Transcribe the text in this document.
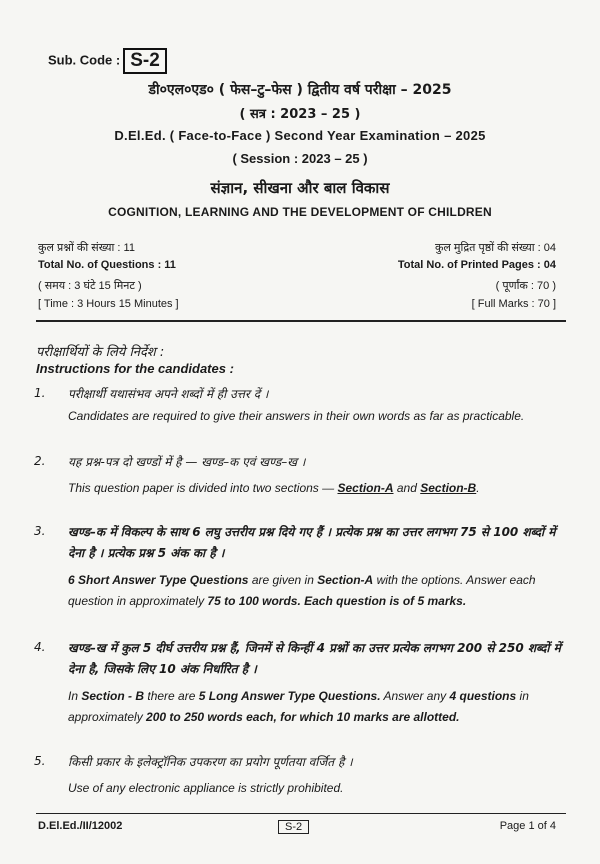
Sub. Code : S-2
डी०एल०एड० ( फेस–टु–फेस ) द्वितीय वर्ष परीक्षा – 2025
( सत्र : 2023 – 25 )
D.El.Ed. ( Face-to-Face ) Second Year Examination – 2025
( Session : 2023 – 25 )
संज्ञान, सीखना और बाल विकास
COGNITION, LEARNING AND THE DEVELOPMENT OF CHILDREN
कुल प्रश्नों की संख्या : 11
Total No. of Questions : 11
( समय : 3 घंटे 15 मिनट )
[ Time : 3 Hours 15 Minutes ]
कुल मुद्रित पृष्ठों की संख्या : 04
Total No. of Printed Pages : 04
( पूर्णांक : 70 )
[ Full Marks : 70 ]
परीक्षार्थियों के लिये निर्देश :
Instructions for the candidates :
1. परीक्षार्थी यथासंभव अपने शब्दों में ही उत्तर दें ।
Candidates are required to give their answers in their own words as far as practicable.
2. यह प्रश्न-पत्र दो खण्डों में है — खण्ड–क एवं खण्ड–ख ।
This question paper is divided into two sections — Section-A and Section-B.
3. खण्ड–क में विकल्प के साथ 6 लघु उत्तरीय प्रश्न दिये गए हैं । प्रत्येक प्रश्न का उत्तर लगभग 75 से 100 शब्दों में देना है । प्रत्येक प्रश्न 5 अंक का है ।
6 Short Answer Type Questions are given in Section-A with the options. Answer each question in approximately 75 to 100 words. Each question is of 5 marks.
4. खण्ड–ख में कुल 5 दीर्घ उत्तरीय प्रश्न हैं, जिनमें से किन्हीं 4 प्रश्नों का उत्तर प्रत्येक लगभग 200 से 250 शब्दों में देना है, जिसके लिए 10 अंक निर्धारित है ।
In Section - B there are 5 Long Answer Type Questions. Answer any 4 questions in approximately 200 to 250 words each, for which 10 marks are allotted.
5. किसी प्रकार के इलेक्ट्रॉनिक उपकरण का प्रयोग पूर्णतया वर्जित है ।
Use of any electronic appliance is strictly prohibited.
D.El.Ed./II/12002	S-2	Page 1 of 4
